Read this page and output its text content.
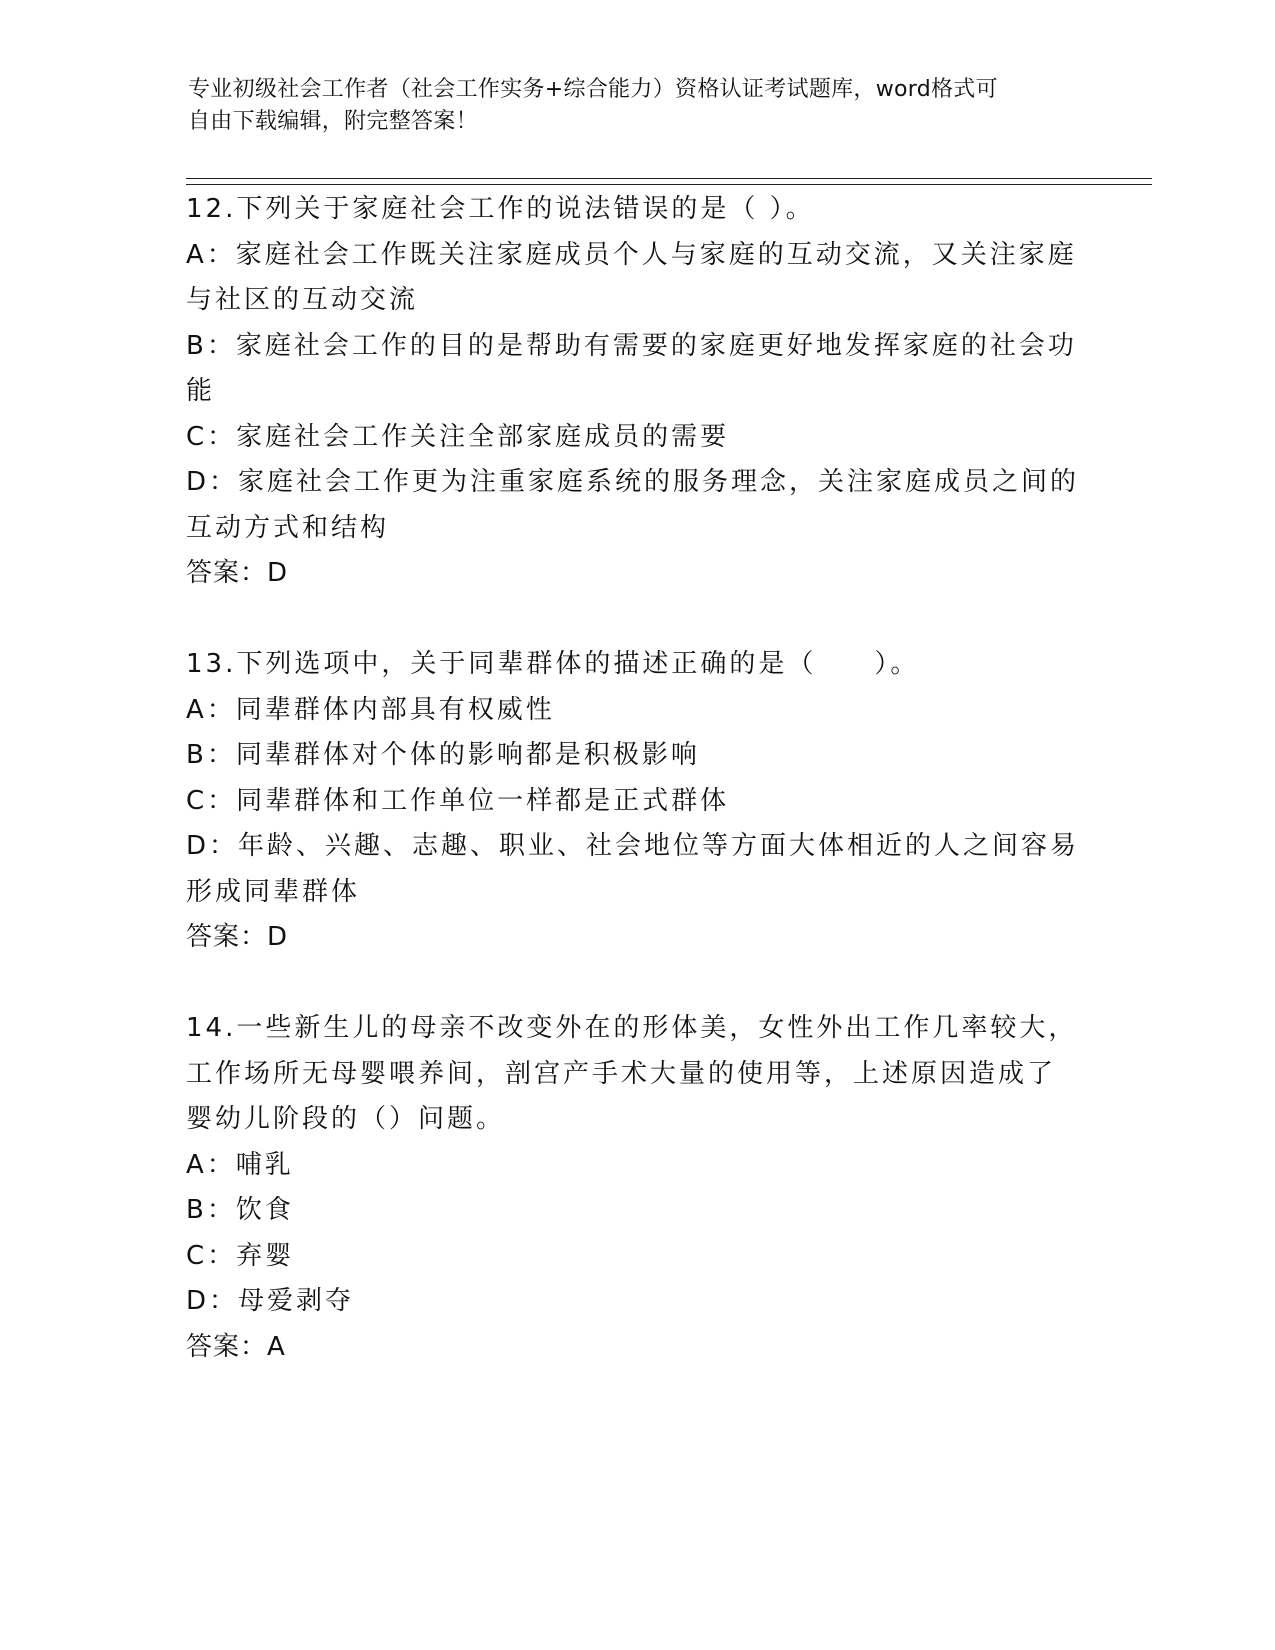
专业初级社会工作者（社会工作实务+综合能力）资格认证考试题库，word格式可
自由下载编辑，附完整答案！
12.下列关于家庭社会工作的说法错误的是（ ）。
A：家庭社会工作既关注家庭成员个人与家庭的互动交流，又关注家庭
与社区的互动交流
B：家庭社会工作的目的是帮助有需要的家庭更好地发挥家庭的社会功
能
C：家庭社会工作关注全部家庭成员的需要
D：家庭社会工作更为注重家庭系统的服务理念，关注家庭成员之间的
互动方式和结构
答案：D
13.下列选项中，关于同辈群体的描述正确的是（　　）。
A：同辈群体内部具有权威性
B：同辈群体对个体的影响都是积极影响
C：同辈群体和工作单位一样都是正式群体
D：年龄、兴趣、志趣、职业、社会地位等方面大体相近的人之间容易
形成同辈群体
答案：D
14.一些新生儿的母亲不改变外在的形体美，女性外出工作几率较大，
工作场所无母婴喂养间，剖宫产手术大量的使用等，上述原因造成了
婴幼儿阶段的（）问题。
A：哺乳
B：饮食
C：弃婴
D：母爱剥夺
答案：A
